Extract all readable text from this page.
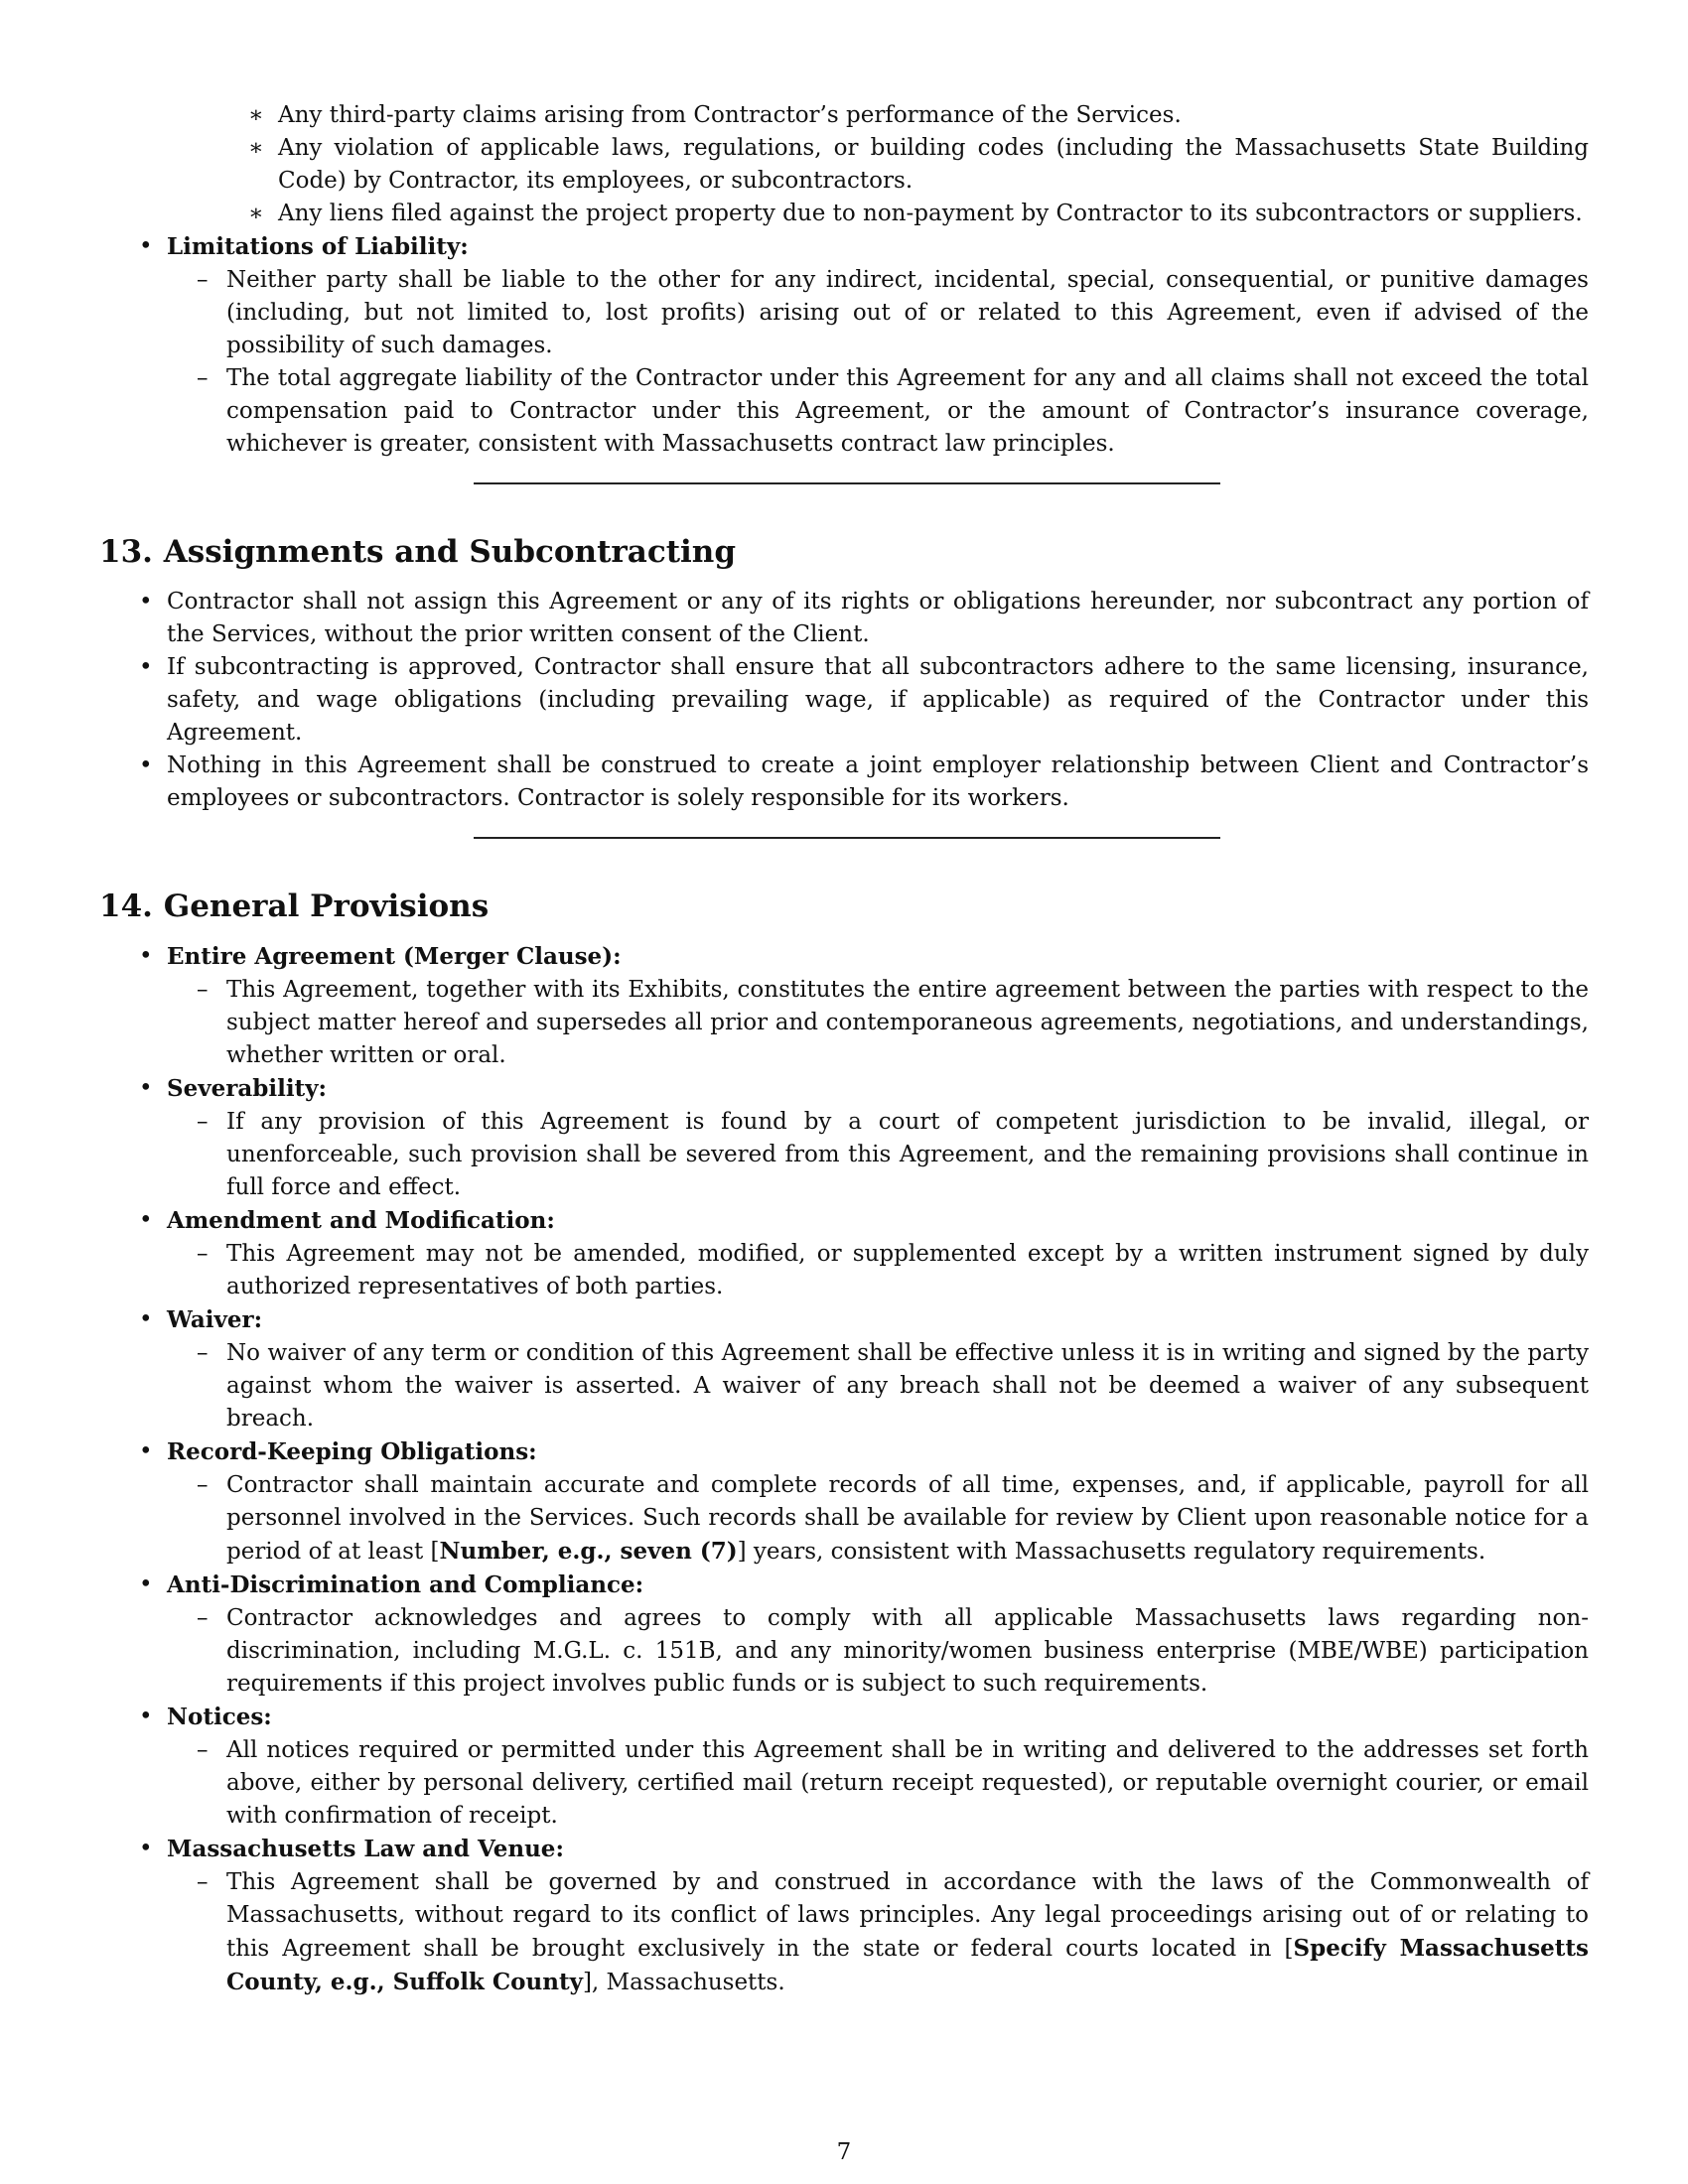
∗ Any third-party claims arising from Contractor’s performance of the Services.
∗ Any violation of applicable laws, regulations, or building codes (including the Massachusetts State Building Code) by Contractor, its employees, or subcontractors.
∗ Any liens filed against the project property due to non-payment by Contractor to its subcontractors or suppliers.
• Limitations of Liability:
– Neither party shall be liable to the other for any indirect, incidental, special, consequential, or punitive damages (including, but not limited to, lost profits) arising out of or related to this Agreement, even if advised of the possibility of such damages.
– The total aggregate liability of the Contractor under this Agreement for any and all claims shall not exceed the total compensation paid to Contractor under this Agreement, or the amount of Contractor’s insurance coverage, whichever is greater, consistent with Massachusetts contract law principles.
13. Assignments and Subcontracting
• Contractor shall not assign this Agreement or any of its rights or obligations hereunder, nor subcontract any portion of the Services, without the prior written consent of the Client.
• If subcontracting is approved, Contractor shall ensure that all subcontractors adhere to the same licensing, insurance, safety, and wage obligations (including prevailing wage, if applicable) as required of the Contractor under this Agreement.
• Nothing in this Agreement shall be construed to create a joint employer relationship between Client and Contractor’s employees or subcontractors. Contractor is solely responsible for its workers.
14. General Provisions
• Entire Agreement (Merger Clause):
– This Agreement, together with its Exhibits, constitutes the entire agreement between the parties with respect to the subject matter hereof and supersedes all prior and contemporaneous agreements, negotiations, and understandings, whether written or oral.
• Severability:
– If any provision of this Agreement is found by a court of competent jurisdiction to be invalid, illegal, or unenforceable, such provision shall be severed from this Agreement, and the remaining provisions shall continue in full force and effect.
• Amendment and Modification:
– This Agreement may not be amended, modified, or supplemented except by a written instrument signed by duly authorized representatives of both parties.
• Waiver:
– No waiver of any term or condition of this Agreement shall be effective unless it is in writing and signed by the party against whom the waiver is asserted. A waiver of any breach shall not be deemed a waiver of any subsequent breach.
• Record-Keeping Obligations:
– Contractor shall maintain accurate and complete records of all time, expenses, and, if applicable, payroll for all personnel involved in the Services. Such records shall be available for review by Client upon reasonable notice for a period of at least [Number, e.g., seven (7)] years, consistent with Massachusetts regulatory requirements.
• Anti-Discrimination and Compliance:
– Contractor acknowledges and agrees to comply with all applicable Massachusetts laws regarding non-discrimination, including M.G.L. c. 151B, and any minority/women business enterprise (MBE/WBE) participation requirements if this project involves public funds or is subject to such requirements.
• Notices:
– All notices required or permitted under this Agreement shall be in writing and delivered to the addresses set forth above, either by personal delivery, certified mail (return receipt requested), or reputable overnight courier, or email with confirmation of receipt.
• Massachusetts Law and Venue:
– This Agreement shall be governed by and construed in accordance with the laws of the Commonwealth of Massachusetts, without regard to its conflict of laws principles. Any legal proceedings arising out of or relating to this Agreement shall be brought exclusively in the state or federal courts located in [Specify Massachusetts County, e.g., Suffolk County], Massachusetts.
7
